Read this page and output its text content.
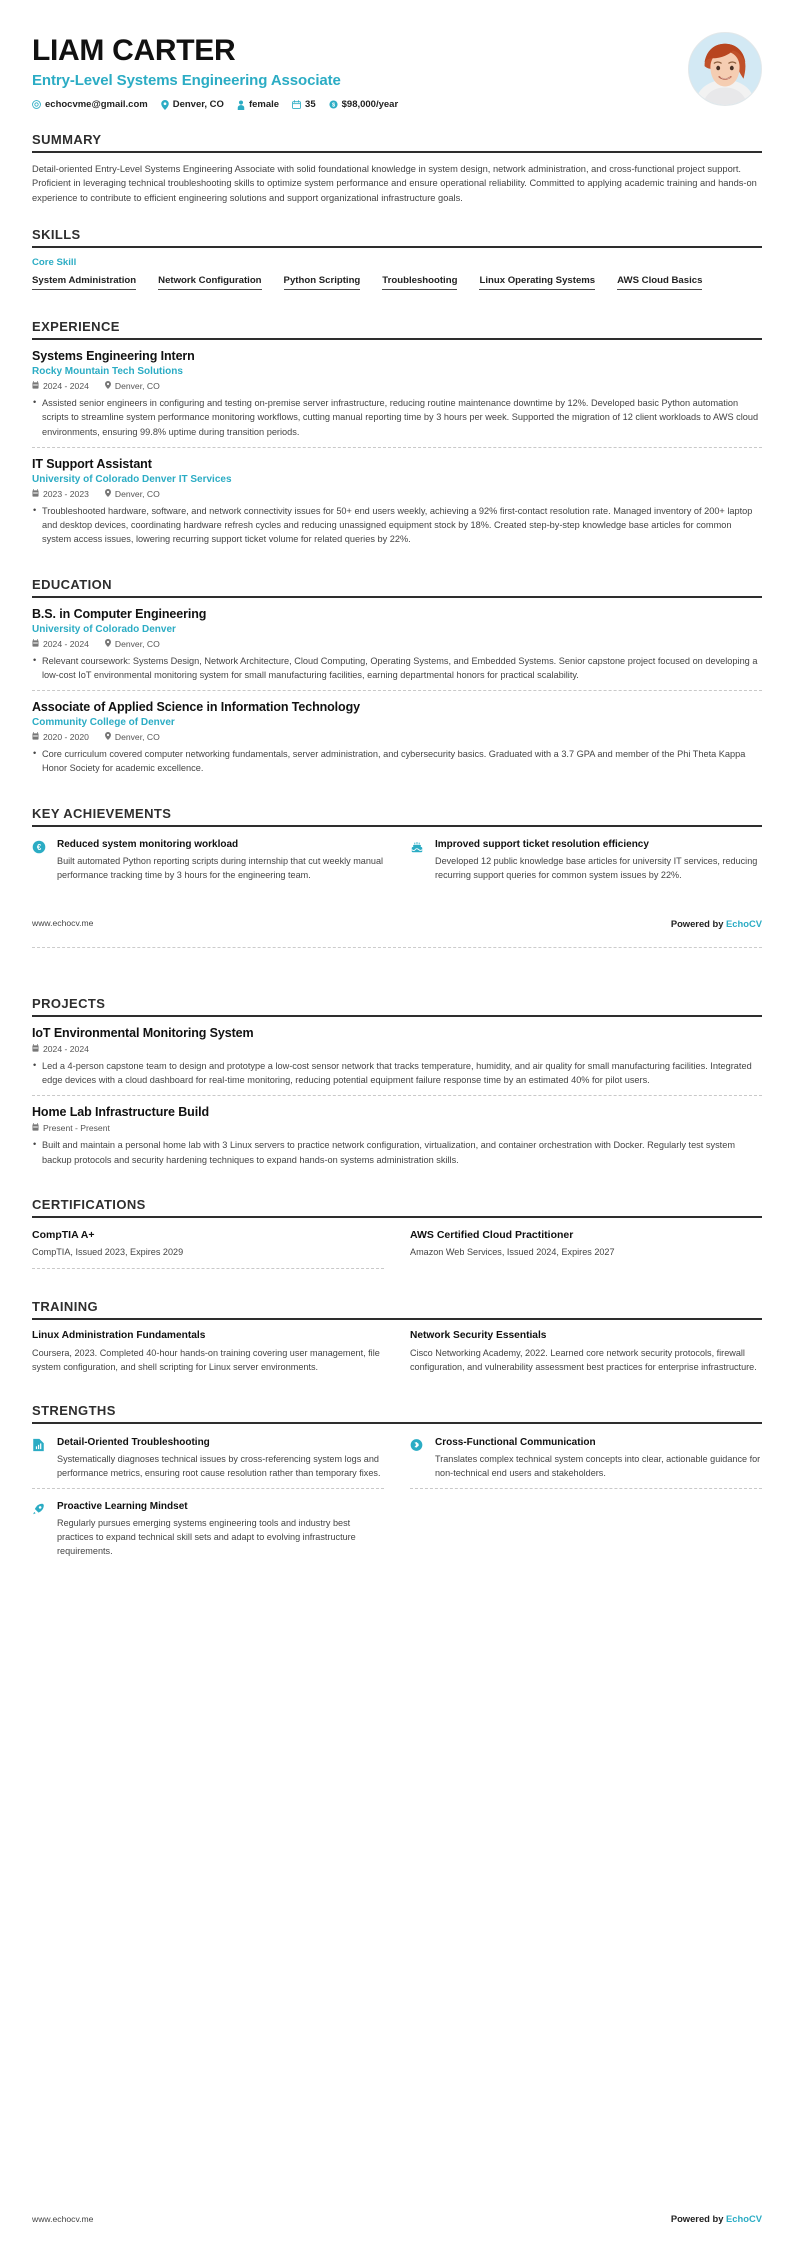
LIAM CARTER
Entry-Level Systems Engineering Associate
echocvme@gmail.com	Denver, CO	female	35 $ $98,000/year
SUMMARY
Detail-oriented Entry-Level Systems Engineering Associate with solid foundational knowledge in system design, network administration, and cross-functional project support. Proficient in leveraging technical troubleshooting skills to optimize system performance and ensure operational reliability. Committed to applying academic training and hands-on experience to contribute to efficient engineering solutions and support organizational infrastructure goals.
SKILLS
Core Skill
System Administration Network Configuration Python Scripting Troubleshooting Linux Operating Systems AWS Cloud Basics
EXPERIENCE
Systems Engineering Intern
Rocky Mountain Tech Solutions
2024 - 2024	Denver, CO
• Assisted senior engineers in configuring and testing on-premise server infrastructure, reducing routine maintenance downtime by 12%. Developed basic Python automation scripts to streamline system performance monitoring workflows, cutting manual reporting time by 3 hours per week. Supported the migration of 12 client workloads to AWS cloud environments, ensuring 99.8% uptime during transition periods.
IT Support Assistant
University of Colorado Denver IT Services
2023 - 2023	Denver, CO
• Troubleshooted hardware, software, and network connectivity issues for 50+ end users weekly, achieving a 92% first-contact resolution rate. Managed inventory of 200+ laptop and desktop devices, coordinating hardware refresh cycles and reducing unassigned equipment stock by 18%. Created step-by-step knowledge base articles for common system access issues, lowering recurring support ticket volume for related queries by 22%.
EDUCATION
B.S. in Computer Engineering
University of Colorado Denver
2024 - 2024	Denver, CO
• Relevant coursework: Systems Design, Network Architecture, Cloud Computing, Operating Systems, and Embedded Systems. Senior capstone project focused on developing a low-cost IoT environmental monitoring system for small manufacturing facilities, earning departmental honors for practical scalability.
Associate of Applied Science in Information Technology
Community College of Denver
2020 - 2020	Denver, CO
• Core curriculum covered computer networking fundamentals, server administration, and cybersecurity basics. Graduated with a 3.7 GPA and member of the Phi Theta Kappa Honor Society for academic excellence.
KEY ACHIEVEMENTS
€ Reduced system monitoring workload
Built automated Python reporting scripts during internship that cut weekly manual performance tracking time by 3 hours for the engineering team.
Improved support ticket resolution efficiency
Developed 12 public knowledge base articles for university IT services, reducing recurring support queries for common system issues by 22%.
www.echocv.me	Powered by EchoCV
PROJECTS
IoT Environmental Monitoring System
2024 - 2024
• Led a 4-person capstone team to design and prototype a low-cost sensor network that tracks temperature, humidity, and air quality for small manufacturing facilities. Integrated edge devices with a cloud dashboard for real-time monitoring, reducing potential equipment failure response time by an estimated 40% for pilot users.
Home Lab Infrastructure Build
Present - Present
• Built and maintain a personal home lab with 3 Linux servers to practice network configuration, virtualization, and container orchestration with Docker. Regularly test system backup protocols and security hardening techniques to expand hands-on systems administration skills.
CERTIFICATIONS
CompTIA A+
CompTIA, Issued 2023, Expires 2029
AWS Certified Cloud Practitioner
Amazon Web Services, Issued 2024, Expires 2027
TRAINING
Linux Administration Fundamentals
Coursera, 2023. Completed 40-hour hands-on training covering user management, file system configuration, and shell scripting for Linux server environments.
Network Security Essentials
Cisco Networking Academy, 2022. Learned core network security protocols, firewall configuration, and vulnerability assessment best practices for enterprise infrastructure.
STRENGTHS
Detail-Oriented Troubleshooting
Systematically diagnoses technical issues by cross-referencing system logs and performance metrics, ensuring root cause resolution rather than temporary fixes.
Proactive Learning Mindset
Regularly pursues emerging systems engineering tools and industry best practices to expand technical skill sets and adapt to evolving infrastructure requirements.
Cross-Functional Communication
Translates complex technical system concepts into clear, actionable guidance for non-technical end users and stakeholders.
www.echocv.me	Powered by EchoCV
